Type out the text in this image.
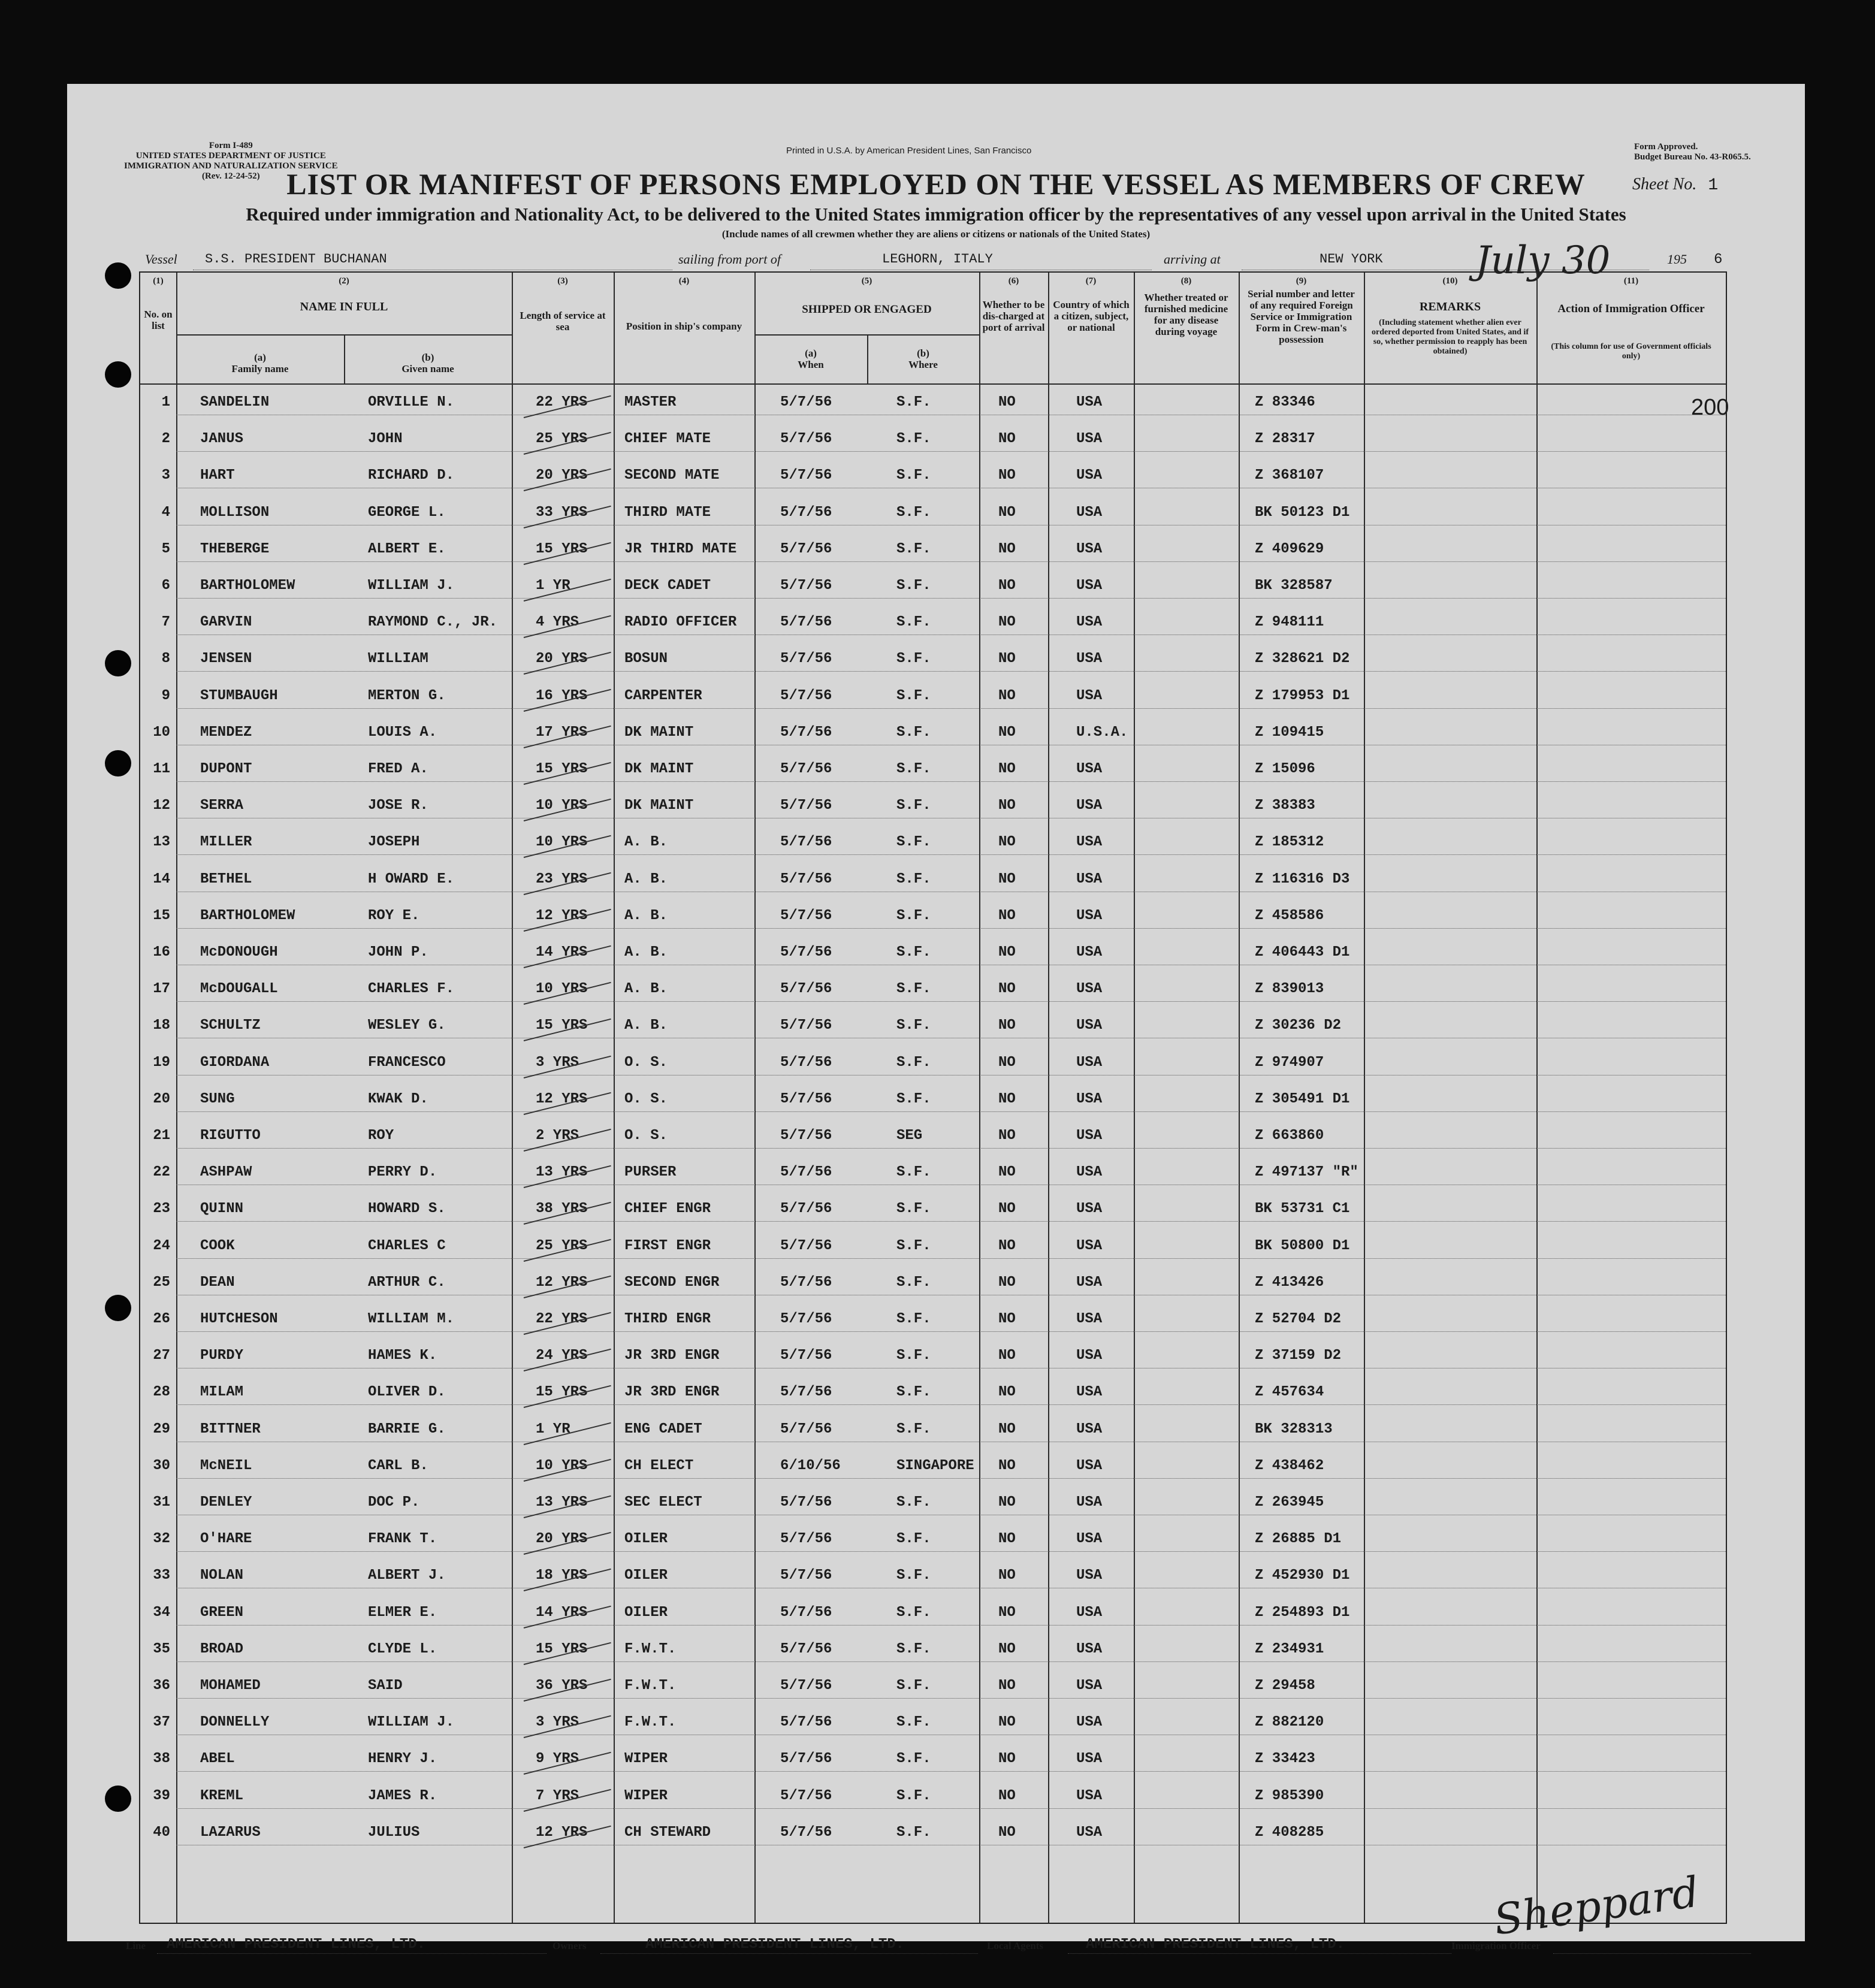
Form I-489
UNITED STATES DEPARTMENT OF JUSTICE
IMMIGRATION AND NATURALIZATION SERVICE
(Rev. 12-24-52)
Printed in U.S.A. by American President Lines, San Francisco	Form Approved.
Budget Bureau No. 43-R065.5.
LIST OR MANIFEST OF PERSONS EMPLOYED ON THE VESSEL AS MEMBERS OF CREW	Sheet No. 1
Required under immigration and Nationality Act, to be delivered to the United States immigration officer by the representatives of any vessel upon arrival in the United States
(Include names of all crewmen whether they are aliens or citizens or nationals of the United States)
Vessel S.S. PRESIDENT BUCHANAN	sailing from port of	LEGHORN, ITALY	arriving at	NEW YORK July 30	195 6
200
(1)
No. on list
(2)
NAME IN FULL
(a)
Family name
(b)
Given name
(3)
Length of service at sea
(4)
Position in ship's company
(5)
SHIPPED OR ENGAGED
(a)
When
(b)
Where
(6)
Whether to be dis-charged at port of arrival
(7)
Country of which a citizen, subject, or national
(8)
Whether treated or furnished medicine for any disease during voyage
(9)
Serial number and letter of any required Foreign Service or Immigration Form in Crew-man's possession
(10)
REMARKS
(Including statement whether alien ever ordered deported from United States, and if so, whether permission to reapply has been obtained)
(11)
Action of Immigration Officer
(This column for use of Government officials only)
1 SANDELIN	ORVILLE N.	22 YRS	MASTER	5/7/56	S.F.	NO	USA	Z 83346
2 JANUS	JOHN	25 YRS	CHIEF MATE	5/7/56	S.F.	NO	USA	Z 28317
3 HART	RICHARD D.	20 YRS	SECOND MATE	5/7/56	S.F.	NO	USA	Z 368107
4 MOLLISON	GEORGE L.	33 YRS	THIRD MATE	5/7/56	S.F.	NO	USA	BK 50123 D1
5 THEBERGE	ALBERT E.	15 YRS	JR THIRD MATE	5/7/56	S.F.	NO	USA	Z 409629
6 BARTHOLOMEW	WILLIAM J.	1 YR	DECK CADET	5/7/56	S.F.	NO	USA	BK 328587
7 GARVIN	RAYMOND C., JR.	4 YRS	RADIO OFFICER	5/7/56	S.F.	NO	USA	Z 948111
8 JENSEN	WILLIAM	20 YRS	BOSUN	5/7/56	S.F.	NO	USA	Z 328621 D2
9 STUMBAUGH	MERTON G.	16 YRS	CARPENTER	5/7/56	S.F.	NO	USA	Z 179953 D1
10 MENDEZ	LOUIS A.	17 YRS	DK MAINT	5/7/56	S.F.	NO	U.S.A.	Z 109415
11 DUPONT	FRED A.	15 YRS	DK MAINT	5/7/56	S.F.	NO	USA	Z 15096
12 SERRA	JOSE R.	10 YRS	DK MAINT	5/7/56	S.F.	NO	USA	Z 38383
13 MILLER	JOSEPH	10 YRS	A. B.	5/7/56	S.F.	NO	USA	Z 185312
14 BETHEL	H OWARD E.	23 YRS	A. B.	5/7/56	S.F.	NO	USA	Z 116316 D3
15 BARTHOLOMEW	ROY E.	12 YRS	A. B.	5/7/56	S.F.	NO	USA	Z 458586
16 McDONOUGH	JOHN P.	14 YRS	A. B.	5/7/56	S.F.	NO	USA	Z 406443 D1
17 McDOUGALL	CHARLES F.	10 YRS	A. B.	5/7/56	S.F.	NO	USA	Z 839013
18 SCHULTZ	WESLEY G.	15 YRS	A. B.	5/7/56	S.F.	NO	USA	Z 30236 D2
19 GIORDANA	FRANCESCO	3 YRS	O. S.	5/7/56	S.F.	NO	USA	Z 974907
20 SUNG	KWAK D.	12 YRS	O. S.	5/7/56	S.F.	NO	USA	Z 305491 D1
21 RIGUTTO	ROY	2 YRS	O. S.	5/7/56	SEG	NO	USA	Z 663860
22 ASHPAW	PERRY D.	13 YRS	PURSER	5/7/56	S.F.	NO	USA	Z 497137 "R"
23 QUINN	HOWARD S.	38 YRS	CHIEF ENGR	5/7/56	S.F.	NO	USA	BK 53731 C1
24 COOK	CHARLES C	25 YRS	FIRST ENGR	5/7/56	S.F.	NO	USA	BK 50800 D1
25 DEAN	ARTHUR C.	12 YRS	SECOND ENGR	5/7/56	S.F.	NO	USA	Z 413426
26 HUTCHESON	WILLIAM M.	22 YRS	THIRD ENGR	5/7/56	S.F.	NO	USA	Z 52704 D2
27 PURDY	HAMES K.	24 YRS	JR 3RD ENGR	5/7/56	S.F.	NO	USA	Z 37159 D2
28 MILAM	OLIVER D.	15 YRS	JR 3RD ENGR	5/7/56	S.F.	NO	USA	Z 457634
29 BITTNER	BARRIE G.	1 YR	ENG CADET	5/7/56	S.F.	NO	USA	BK 328313
30 McNEIL	CARL B.	10 YRS	CH ELECT	6/10/56	SINGAPORE NO	USA	Z 438462
31 DENLEY	DOC P.	13 YRS	SEC ELECT	5/7/56	S.F.	NO	USA	Z 263945
32 O'HARE	FRANK T.	20 YRS	OILER	5/7/56	S.F.	NO	USA	Z 26885 D1
33 NOLAN	ALBERT J.	18 YRS	OILER	5/7/56	S.F.	NO	USA	Z 452930 D1
34 GREEN	ELMER E.	14 YRS	OILER	5/7/56	S.F.	NO	USA	Z 254893 D1
35 BROAD	CLYDE L.	15 YRS	F.W.T.	5/7/56	S.F.	NO	USA	Z 234931
36 MOHAMED	SAID	36 YRS	F.W.T.	5/7/56	S.F.	NO	USA	Z 29458
37 DONNELLY	WILLIAM J.	3 YRS	F.W.T.	5/7/56	S.F.	NO	USA	Z 882120
38 ABEL	HENRY J.	9 YRS	WIPER	5/7/56	S.F.	NO	USA	Z 33423
39 KREML	JAMES R.	7 YRS	WIPER	5/7/56	S.F.	NO	USA	Z 985390
40 LAZARUS	JULIUS	12 YRS	CH STEWARD	5/7/56	S.F.	NO	USA	Z 408285
Line AMERICAN PRESIDENT LINES, LTD.	Owners	AMERICAN PRESIDENT LINES, LTD.	Local Agents	AMERICAN PRESIDENT LINES, LTD.	Immigration Officer
Sheppard
